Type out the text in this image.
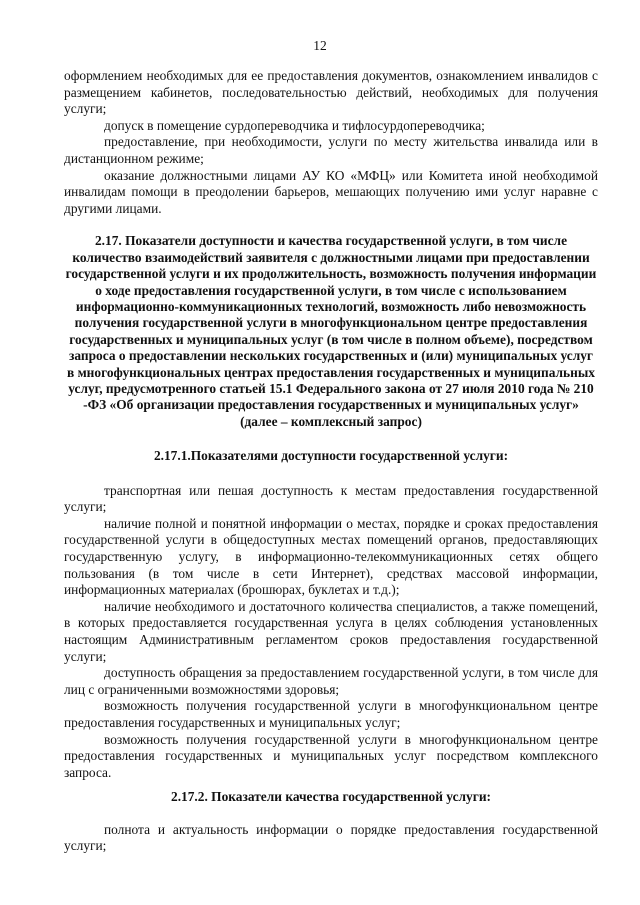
12

оформлением необходимых для ее предоставления документов, ознакомлением инвалидов с размещением кабинетов, последовательностью действий, необходимых для получения услуги;

допуск в помещение сурдопереводчика и тифлосурдопереводчика;

предоставление, при необходимости, услуги по месту жительства инвалида или в дистанционном режиме;

оказание должностными лицами АУ КО «МФЦ» или Комитета иной необходимой инвалидам помощи в преодолении барьеров, мешающих получению ими услуг наравне с другими лицами.

2.17. Показатели доступности и качества государственной услуги, в том числе количество взаимодействий заявителя с должностными лицами при предоставлении государственной услуги и их продолжительность, возможность получения информации о ходе предоставления государственной услуги, в том числе с использованием информационно-коммуникационных технологий, возможность либо невозможность получения государственной услуги в многофункциональном центре предоставления государственных и муниципальных услуг (в том числе в полном объеме), посредством запроса о предоставлении нескольких государственных и (или) муниципальных услуг в многофункциональных центрах предоставления государственных и муниципальных услуг, предусмотренного статьей 15.1 Федерального закона от 27 июля 2010 года № 210 -ФЗ «Об организации предоставления государственных и муниципальных услуг» (далее – комплексный запрос)

2.17.1.Показателями доступности государственной услуги:

транспортная или пешая доступность к местам предоставления государственной услуги;

наличие полной и понятной информации о местах, порядке и сроках предоставления государственной услуги в общедоступных местах помещений органов, предоставляющих государственную услугу, в информационно-телекоммуникационных сетях общего пользования (в том числе в сети Интернет), средствах массовой информации, информационных материалах (брошюрах, буклетах и т.д.);

наличие необходимого и достаточного количества специалистов, а также помещений, в которых предоставляется государственная услуга в целях соблюдения установленных настоящим Административным регламентом сроков предоставления государственной услуги;

доступность обращения за предоставлением государственной услуги, в том числе для лиц с ограниченными возможностями здоровья;

возможность получения государственной услуги в многофункциональном центре предоставления государственных и муниципальных услуг;

возможность получения государственной услуги в многофункциональном центре предоставления государственных и муниципальных услуг посредством комплексного запроса.

2.17.2. Показатели качества государственной услуги:

полнота и актуальность информации о порядке предоставления государственной услуги;
